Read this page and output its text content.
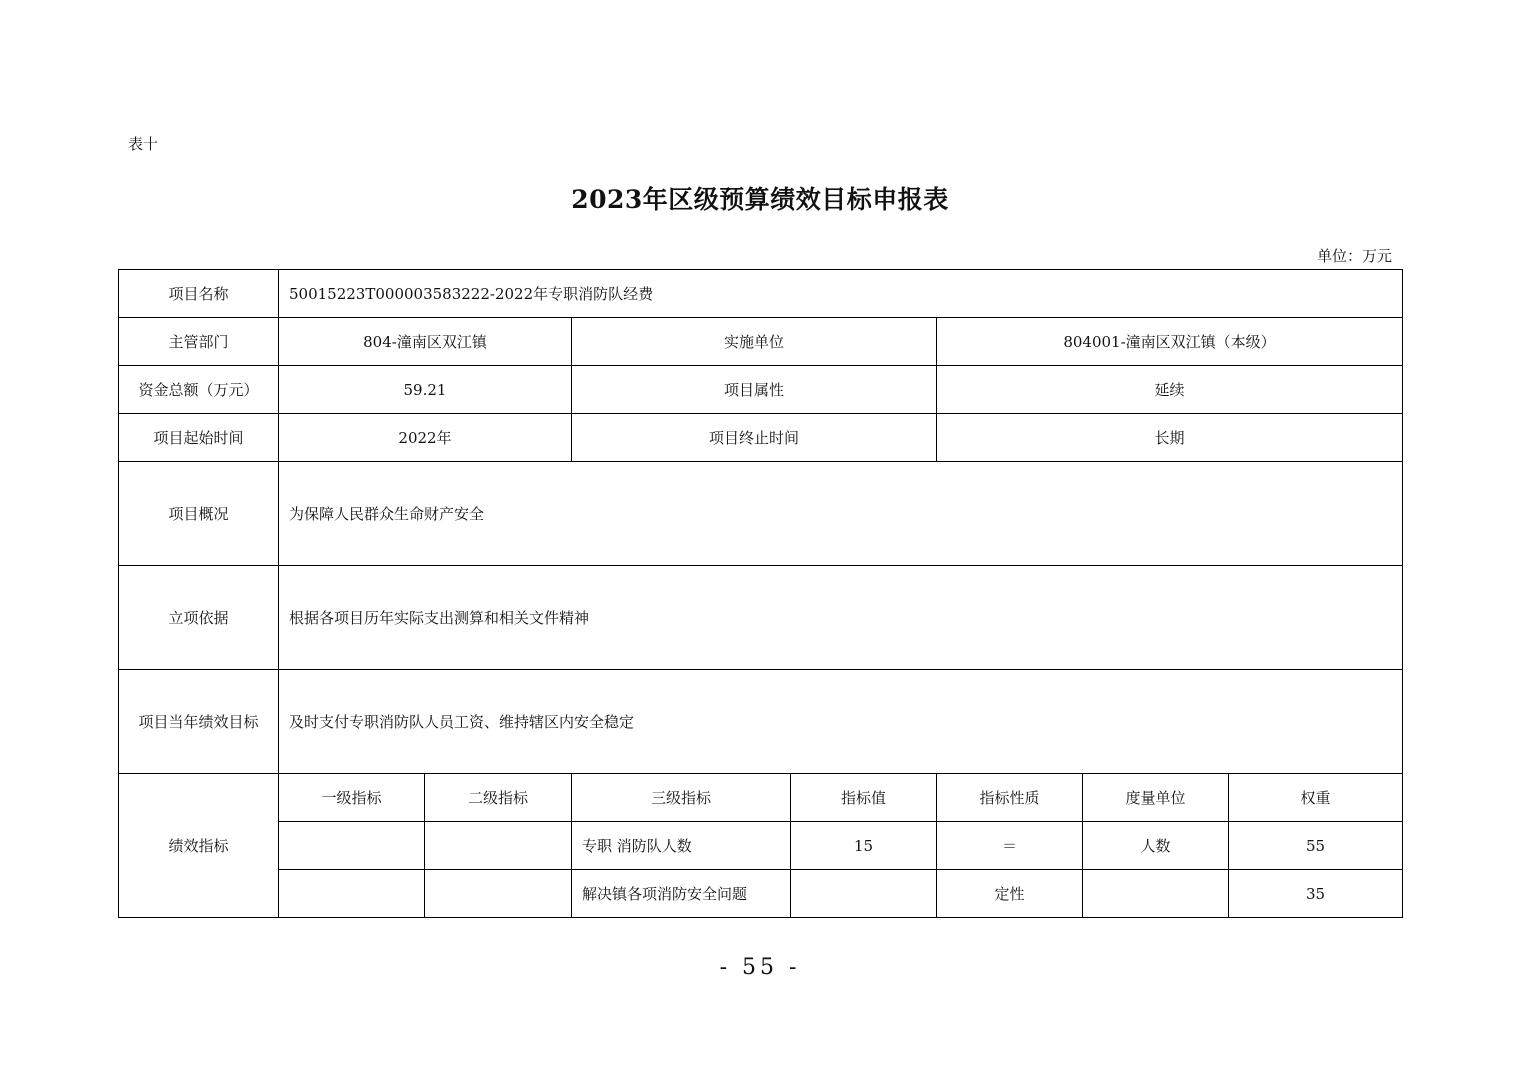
表十
2023年区级预算绩效目标申报表
单位：万元
项目名称	50015223T000003583222-2022年专职消防队经费						
主管部门	804-潼南区双江镇		实施单位		804001-潼南区双江镇（本级）		
资金总额（万元）	59.21		项目属性		延续		
项目起始时间	2022年		项目终止时间		长期		
项目概况	为保障人民群众生命财产安全						
立项依据	根据各项目历年实际支出测算和相关文件精神						
项目当年绩效目标	及时支付专职消防队人员工资、维持辖区内安全稳定						
绩效指标	一级指标	二级指标	三级指标	指标值	指标性质	度量单位	权重
			专职 消防队人数	15	＝	人数	55
			解决镇各项消防安全问题		定性		35
- 55 -
